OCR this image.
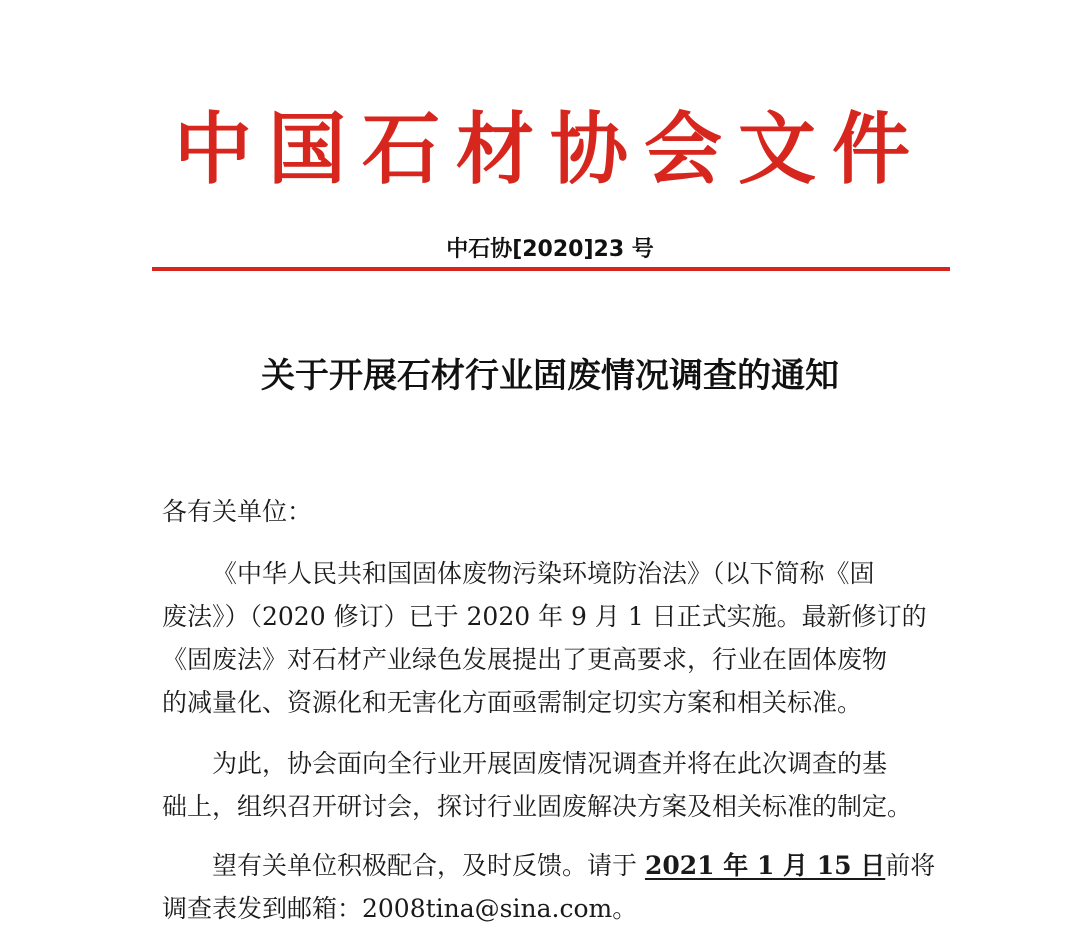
中国石材协会文件
中石协[2020]23 号
关于开展石材行业固废情况调查的通知
各有关单位：
《中华人民共和国固体废物污染环境防治法》（以下简称《固
废法》）（2020 修订）已于 2020 年 9 月 1 日正式实施。最新修订的
《固废法》对石材产业绿色发展提出了更高要求，行业在固体废物
的减量化、资源化和无害化方面亟需制定切实方案和相关标准。
为此，协会面向全行业开展固废情况调查并将在此次调查的基
础上，组织召开研讨会，探讨行业固废解决方案及相关标准的制定。
望有关单位积极配合，及时反馈。请于 2021 年 1 月 15 日前将
调查表发到邮箱：2008tina@sina.com。
